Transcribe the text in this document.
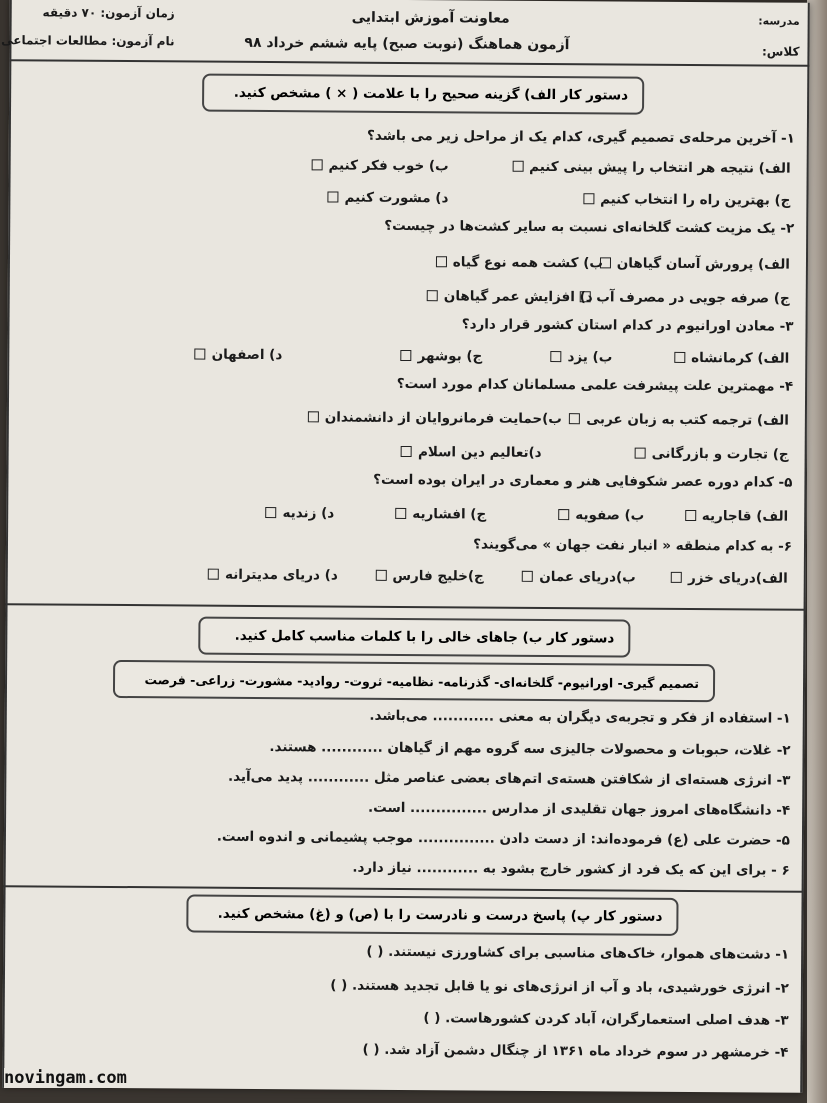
مدرسه:
کلاس:
معاونت آموزش ابتدایی
آزمون هماهنگ (نوبت صبح) پایه ششم خرداد ۹۸
زمان آزمون: ۷۰ دقیقه
نام آزمون: مطالعات اجتماعی
دستور کار الف) گزینه صحیح را با علامت ( × ) مشخص کنید.
۱- آخرین مرحله‌ی تصمیم گیری، کدام یک از مراحل زیر می باشد؟
الف) نتیجه هر انتخاب را پیش بینی کنیم
ب) خوب فکر کنیم
ج) بهترین راه را انتخاب کنیم
د) مشورت کنیم
۲- یک مزیت کشت گلخانه‌ای نسبت به سایر کشت‌ها در چیست؟
الف) پرورش آسان گیاهان
ب) کشت همه نوع گیاه
ج) صرفه جویی در مصرف آب
د) افزایش عمر گیاهان
۳- معادن اورانیوم در کدام استان کشور قرار دارد؟
الف) کرمانشاه
ب) یزد
ج) بوشهر
د) اصفهان
۴- مهمترین علت پیشرفت علمی مسلمانان کدام مورد است؟
الف) ترجمه کتب به زبان عربی
ب)حمایت فرمانروایان از دانشمندان
ج) تجارت و بازرگانی
د)تعالیم دین اسلام
۵- کدام دوره عصر شکوفایی هنر و معماری در ایران بوده است؟
الف) قاجاریه
ب) صفویه
ج) افشاریه
د) زندیه
۶- به کدام منطقه « انبار نفت جهان » می‌گویند؟
الف)دریای خزر
ب)دریای عمان
ج)خلیج فارس
د) دریای مدیترانه
دستور کار ب) جاهای خالی را با کلمات مناسب کامل کنید.
تصمیم گیری- اورانیوم- گلخانه‌ای- گذرنامه- نظامیه- ثروت- روادید- مشورت- زراعی- فرصت
۱- استفاده از فکر و تجربه‌ی دیگران به معنی ............ می‌باشد.
۲- غلات، حبوبات و محصولات جالیزی سه گروه مهم از گیاهان ............ هستند.
۳- انرژی هسته‌ای از شکافتن هسته‌ی اتم‌های بعضی عناصر مثل ............ پدید می‌آید.
۴- دانشگاه‌های امروز جهان تقلیدی از مدارس ............... است.
۵- حضرت علی (ع) فرموده‌اند: از دست دادن ............... موجب پشیمانی و اندوه است.
۶ - برای این که یک فرد از کشور خارج بشود به ............ نیاز دارد.
دستور کار پ) پاسخ درست و نادرست را با (ص) و (غ) مشخص کنید.
۱- دشت‌های هموار، خاک‌های مناسبی برای کشاورزی نیستند. ( )
۲- انرژی خورشیدی، باد و آب از انرژی‌های نو یا قابل تجدید هستند. ( )
۳- هدف اصلی استعمارگران، آباد کردن کشورهاست. ( )
۴- خرمشهر در سوم خرداد ماه ۱۳۶۱ از چنگال دشمن آزاد شد. ( )
novingam.com
